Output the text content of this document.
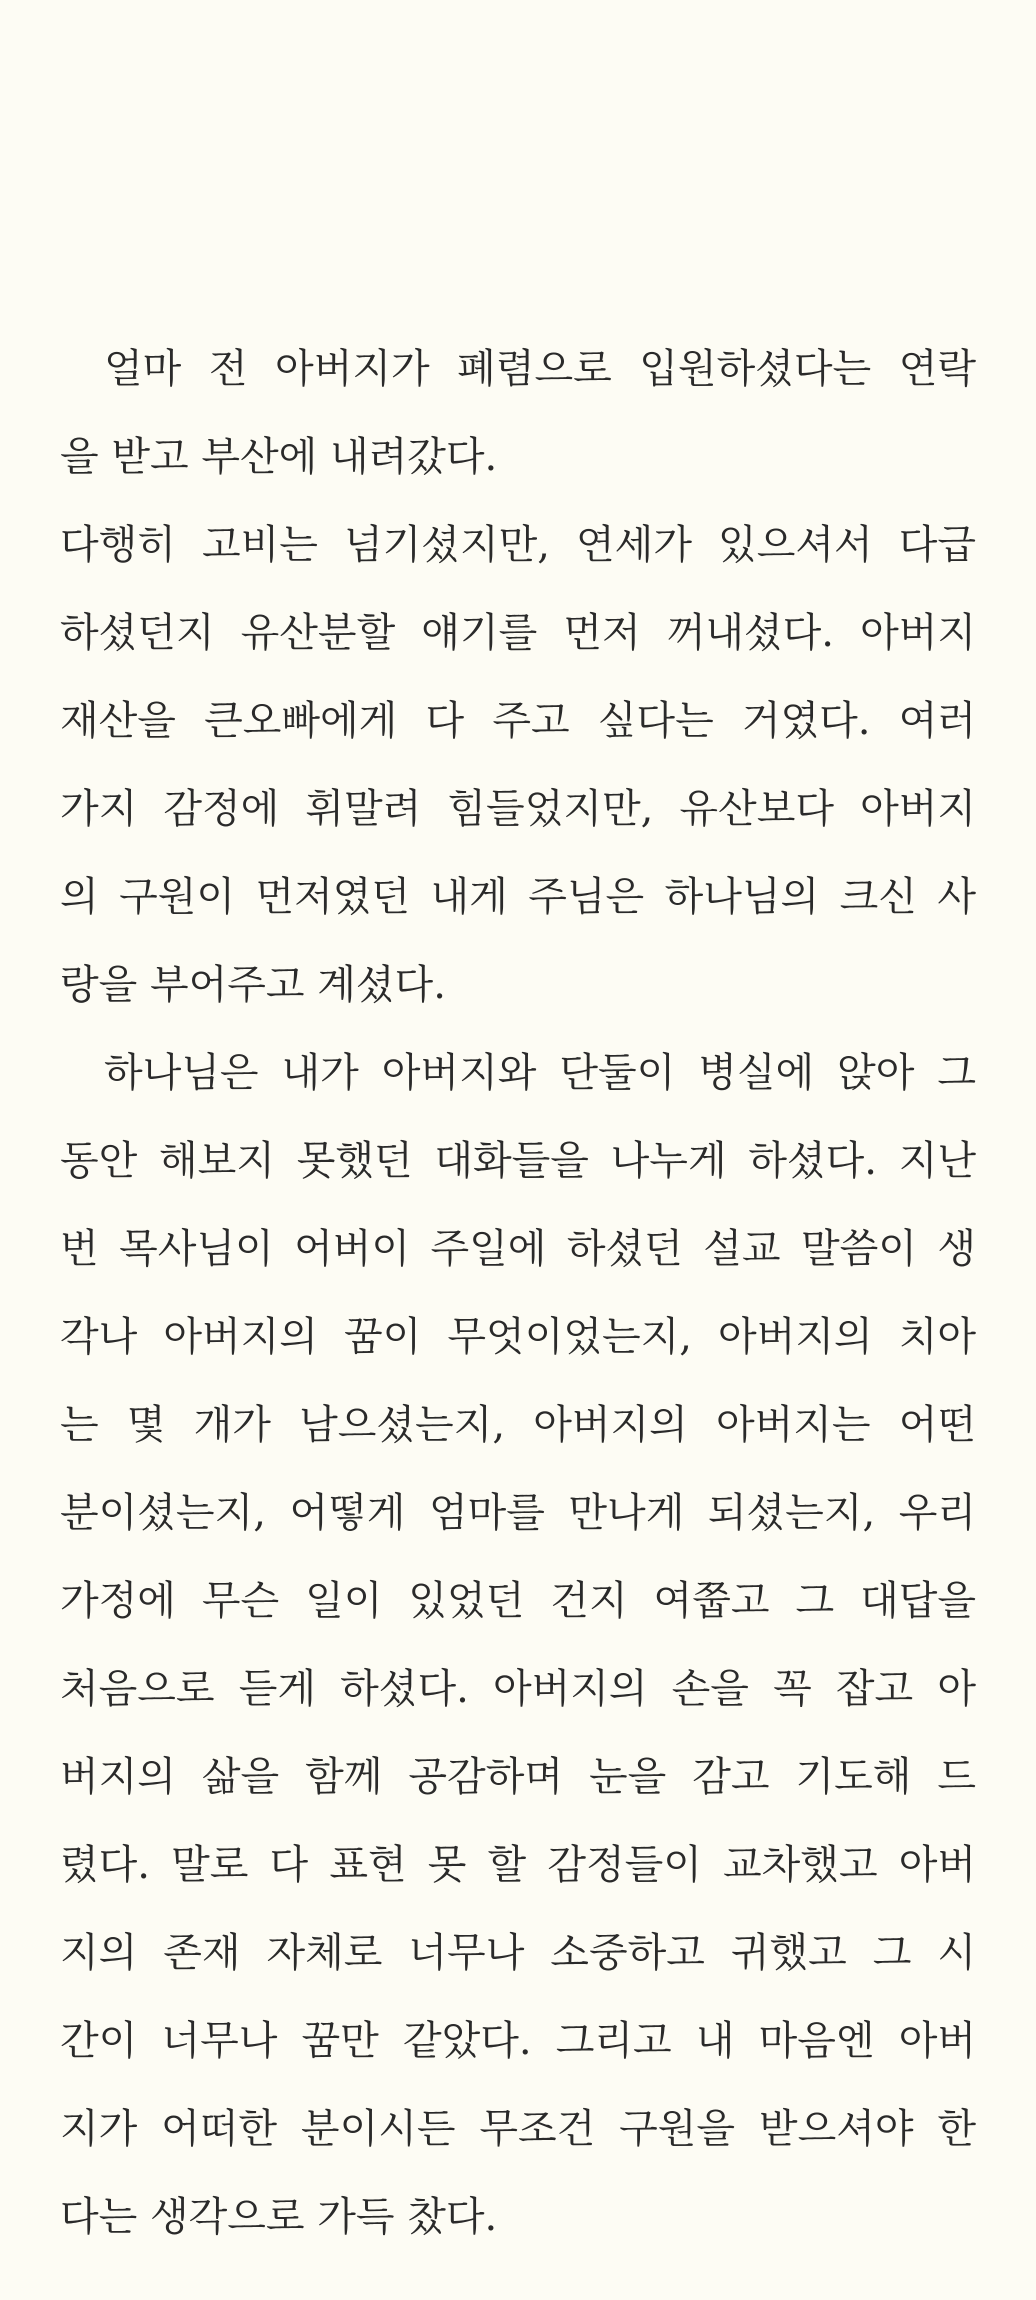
얼마 전 아버지가 폐렴으로 입원하셨다는 연락
을 받고 부산에 내려갔다.
다행히 고비는 넘기셨지만, 연세가 있으셔서 다급
하셨던지 유산분할 얘기를 먼저 꺼내셨다. 아버지
재산을 큰오빠에게 다 주고 싶다는 거였다. 여러
가지 감정에 휘말려 힘들었지만, 유산보다 아버지
의 구원이 먼저였던 내게 주님은 하나님의 크신 사
랑을 부어주고 계셨다.
하나님은 내가 아버지와 단둘이 병실에 앉아 그
동안 해보지 못했던 대화들을 나누게 하셨다. 지난
번 목사님이 어버이 주일에 하셨던 설교 말씀이 생
각나 아버지의 꿈이 무엇이었는지, 아버지의 치아
는 몇 개가 남으셨는지, 아버지의 아버지는 어떤
분이셨는지, 어떻게 엄마를 만나게 되셨는지, 우리
가정에 무슨 일이 있었던 건지 여쭙고 그 대답을
처음으로 듣게 하셨다. 아버지의 손을 꼭 잡고 아
버지의 삶을 함께 공감하며 눈을 감고 기도해 드
렸다. 말로 다 표현 못 할 감정들이 교차했고 아버
지의 존재 자체로 너무나 소중하고 귀했고 그 시
간이 너무나 꿈만 같았다. 그리고 내 마음엔 아버
지가 어떠한 분이시든 무조건 구원을 받으셔야 한
다는 생각으로 가득 찼다.
